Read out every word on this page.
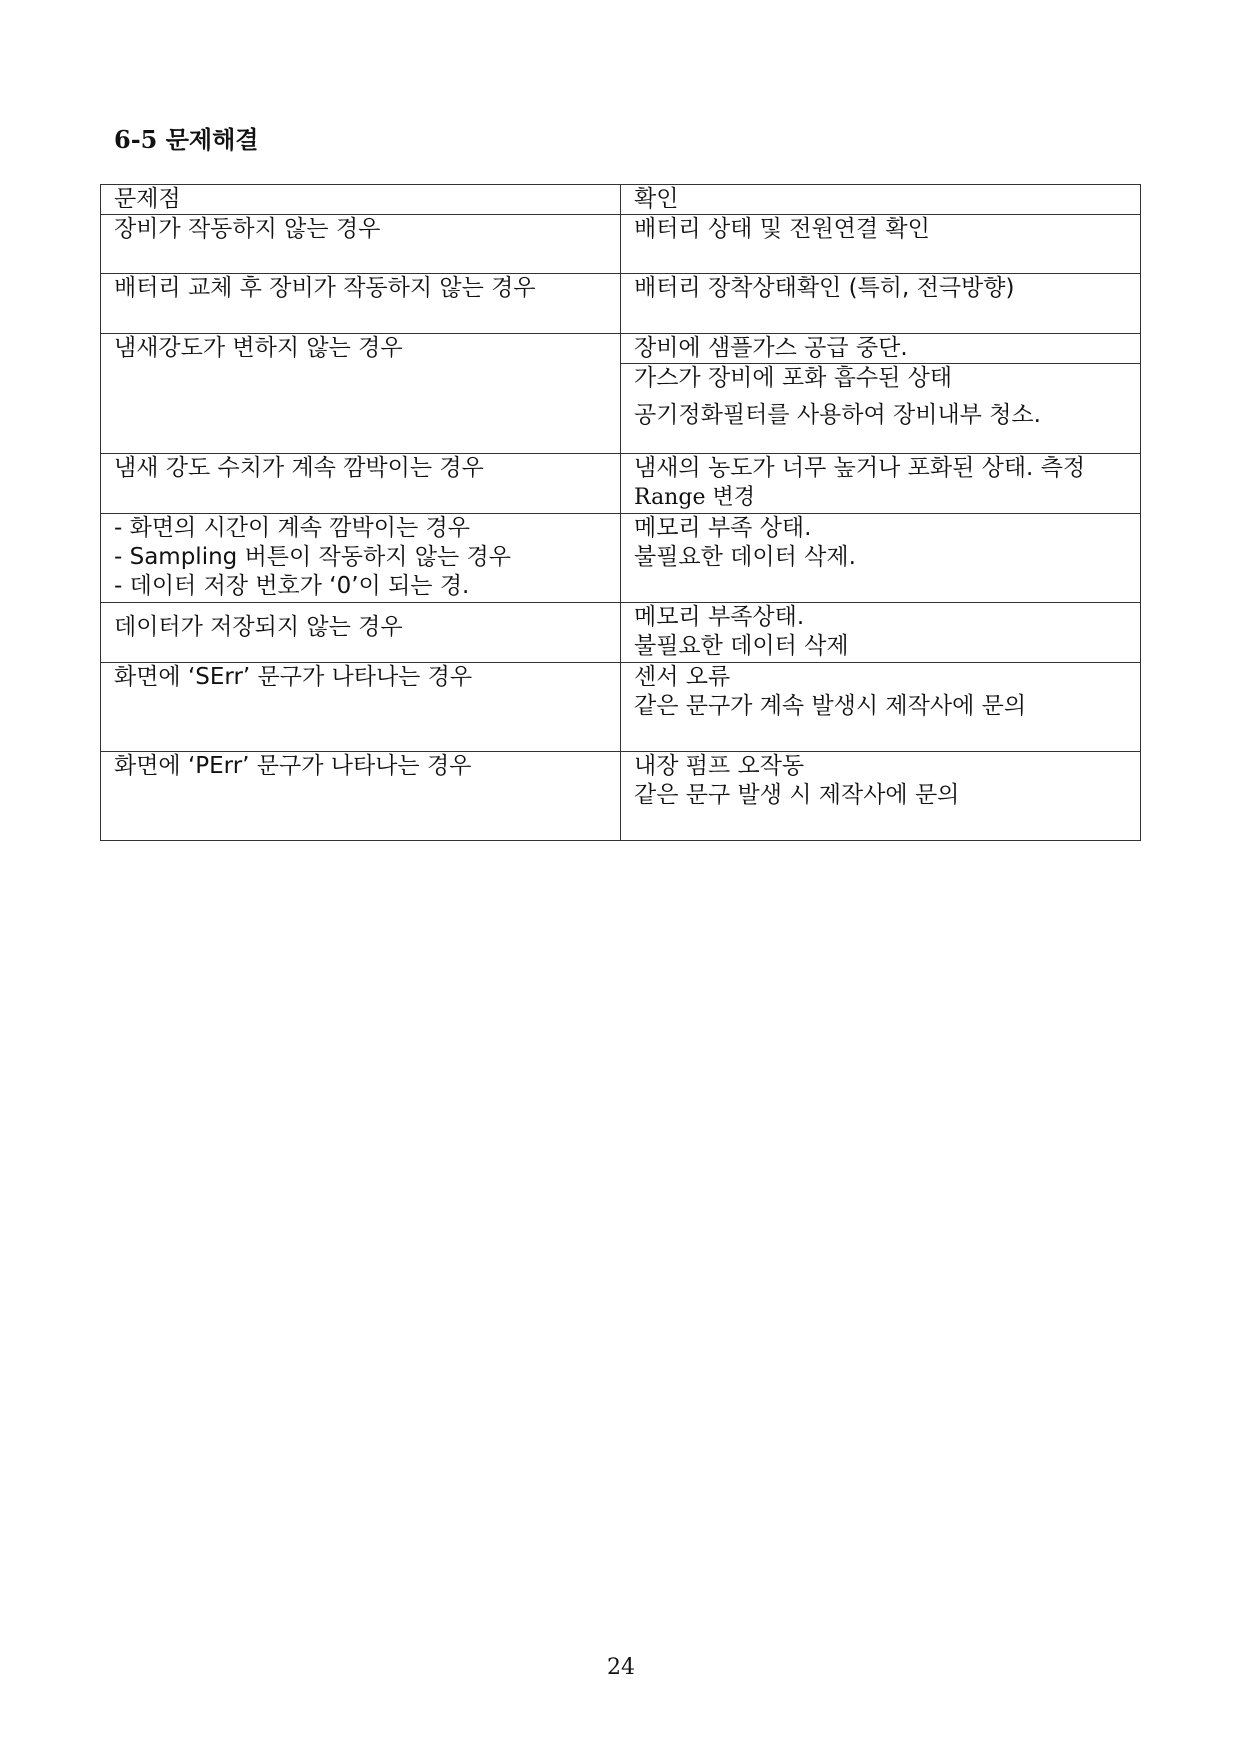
6-5 문제해결
문제점	확인

장비가 작동하지 않는 경우	배터리 상태 및 전원연결 확인

배터리 교체 후 장비가 작동하지 않는 경우	배터리 장착상태확인 (특히, 전극방향)

냄새강도가 변하지 않는 경우	장비에 샘플가스 공급 중단.

	가스가 장비에 포화 흡수된 상태
공기정화필터를 사용하여 장비내부 청소.

냄새 강도 수치가 계속 깜박이는 경우	냄새의 농도가 너무 높거나 포화된 상태. 측정
Range 변경

- 화면의 시간이 계속 깜박이는 경우
- Sampling 버튼이 작동하지 않는 경우
- 데이터 저장 번호가 ‘0’이 되는 경.	메모리 부족 상태.
불필요한 데이터 삭제.

데이터가 저장되지 않는 경우	메모리 부족상태.
불필요한 데이터 삭제

화면에 ‘SErr’ 문구가 나타나는 경우	센서 오류
같은 문구가 계속 발생시 제작사에 문의

화면에 ‘PErr’ 문구가 나타나는 경우	내장 펌프 오작동
같은 문구 발생 시 제작사에 문의
24
